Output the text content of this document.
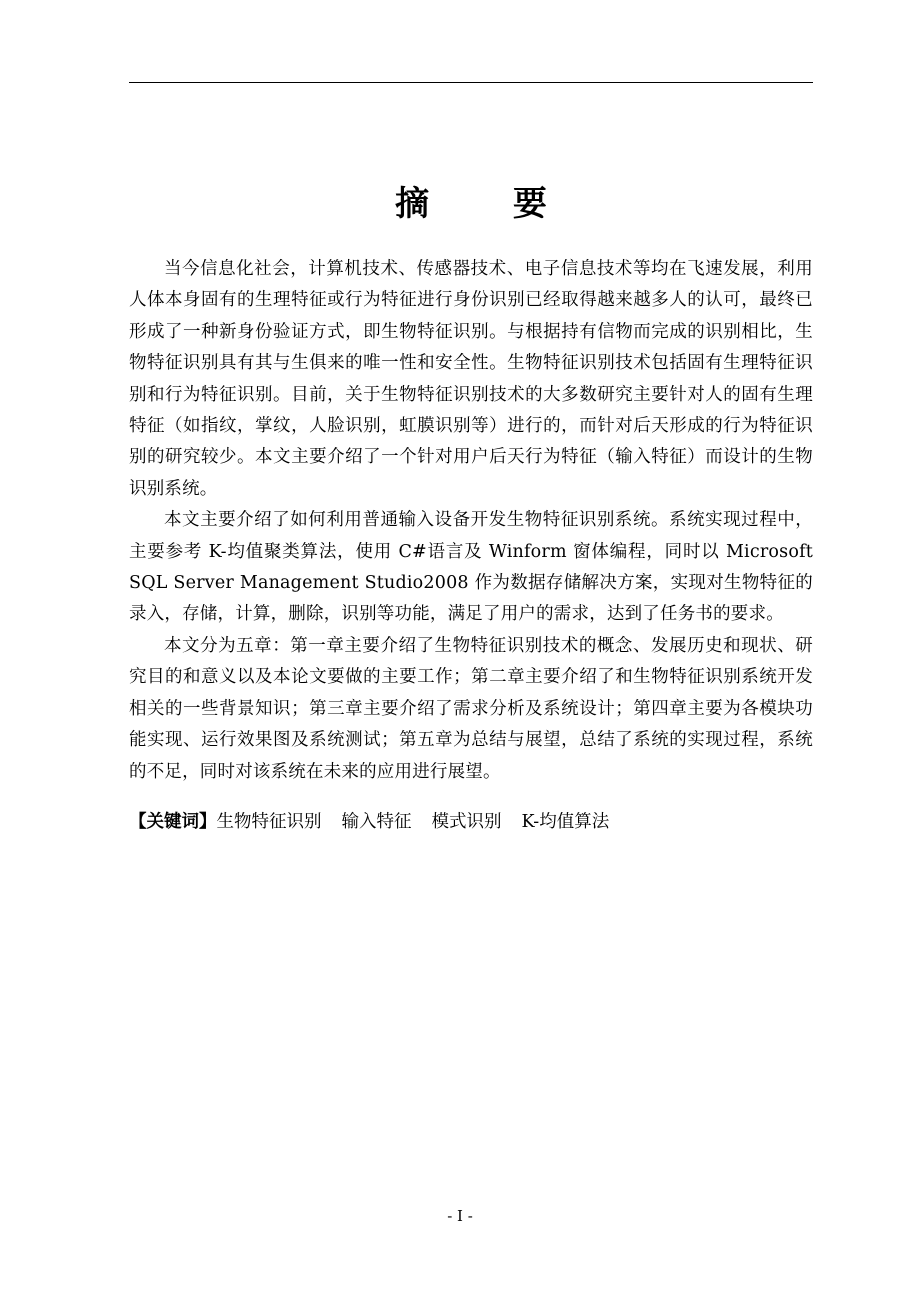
摘 要

当今信息化社会，计算机技术、传感器技术、电子信息技术等均在飞速发展，利用人体本身固有的生理特征或行为特征进行身份识别已经取得越来越多人的认可，最终已形成了一种新身份验证方式，即生物特征识别。与根据持有信物而完成的识别相比，生物特征识别具有其与生俱来的唯一性和安全性。生物特征识别技术包括固有生理特征识别和行为特征识别。目前，关于生物特征识别技术的大多数研究主要针对人的固有生理特征（如指纹，掌纹，人脸识别，虹膜识别等）进行的，而针对后天形成的行为特征识别的研究较少。本文主要介绍了一个针对用户后天行为特征（输入特征）而设计的生物识别系统。

本文主要介绍了如何利用普通输入设备开发生物特征识别系统。系统实现过程中，主要参考 K-均值聚类算法，使用 C#语言及 Winform 窗体编程，同时以 Microsoft SQL Server Management Studio2008 作为数据存储解决方案，实现对生物特征的录入，存储，计算，删除，识别等功能，满足了用户的需求，达到了任务书的要求。

本文分为五章：第一章主要介绍了生物特征识别技术的概念、发展历史和现状、研究目的和意义以及本论文要做的主要工作；第二章主要介绍了和生物特征识别系统开发相关的一些背景知识；第三章主要介绍了需求分析及系统设计；第四章主要为各模块功能实现、运行效果图及系统测试；第五章为总结与展望，总结了系统的实现过程，系统的不足，同时对该系统在未来的应用进行展望。

【关键词】生物特征识别 输入特征 模式识别 K-均值算法

- I -
